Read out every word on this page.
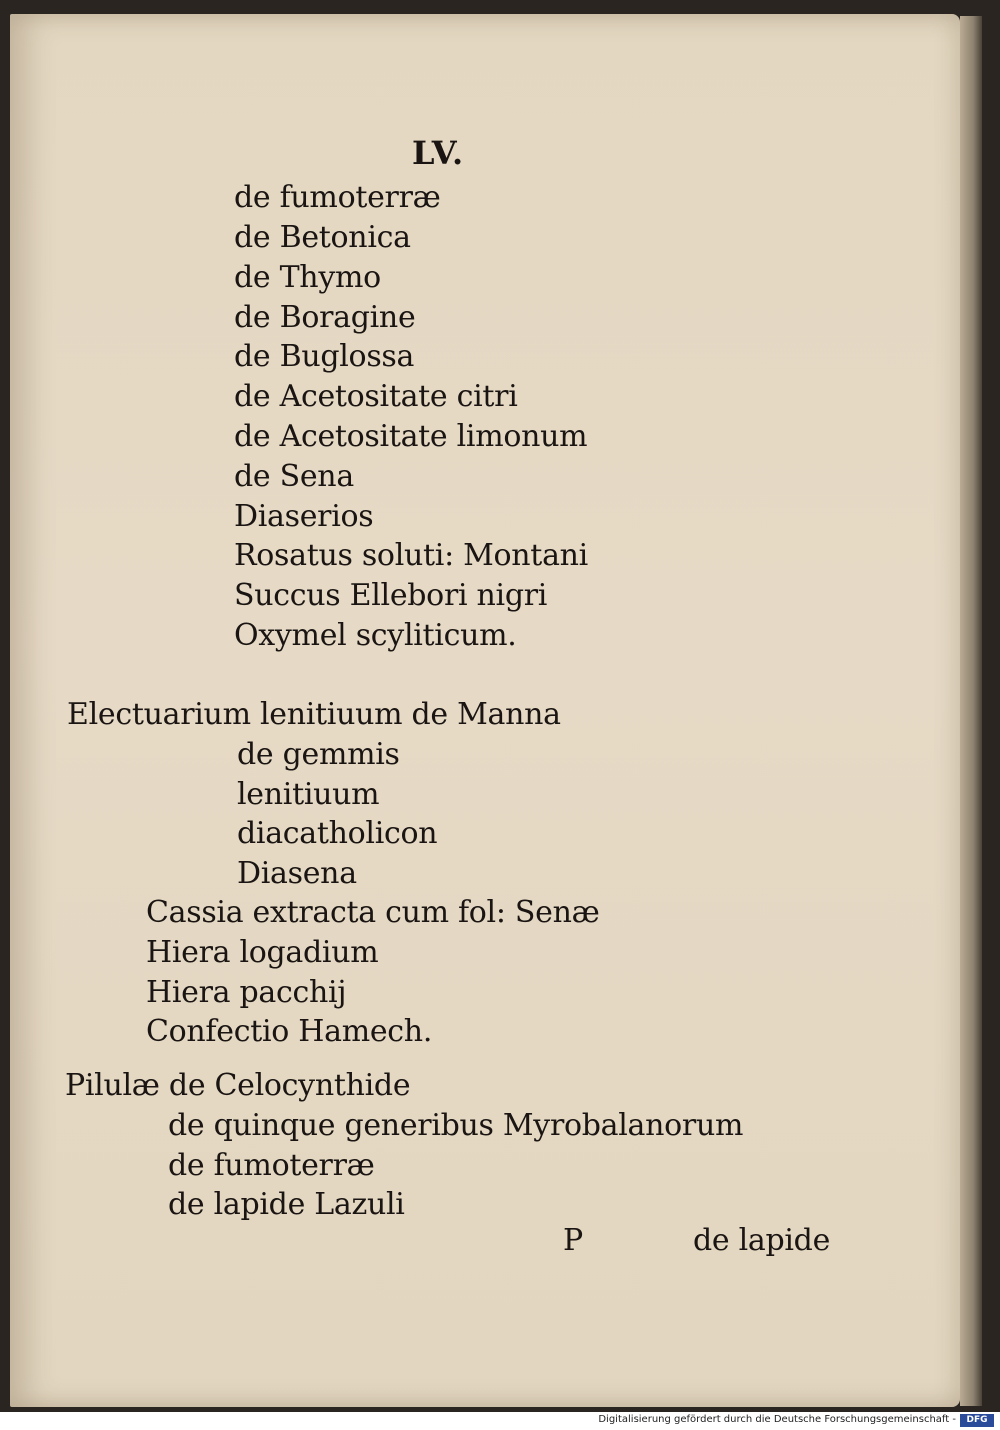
LV.
de fumoterræ
de Betonica
de Thymo
de Boragine
de Buglossa
de Acetositate citri
de Acetositate limonum
de Sena
Diaserios
Rosatus soluti: Montani
Succus Ellebori nigri
Oxymel scyliticum.
Electuarium lenitiuum de Manna
de gemmis
lenitiuum
diacatholicon
Diasena
Cassia extracta cum fol: Senæ
Hiera logadium
Hiera pacchij
Confectio Hamech.
Pilulæ de Celocynthide
de quinque generibus Myrobalanorum
de fumoterræ
de lapide Lazuli
P	de lapide
Digitalisierung gefördert durch die Deutsche Forschungsgemeinschaft -	DFG
